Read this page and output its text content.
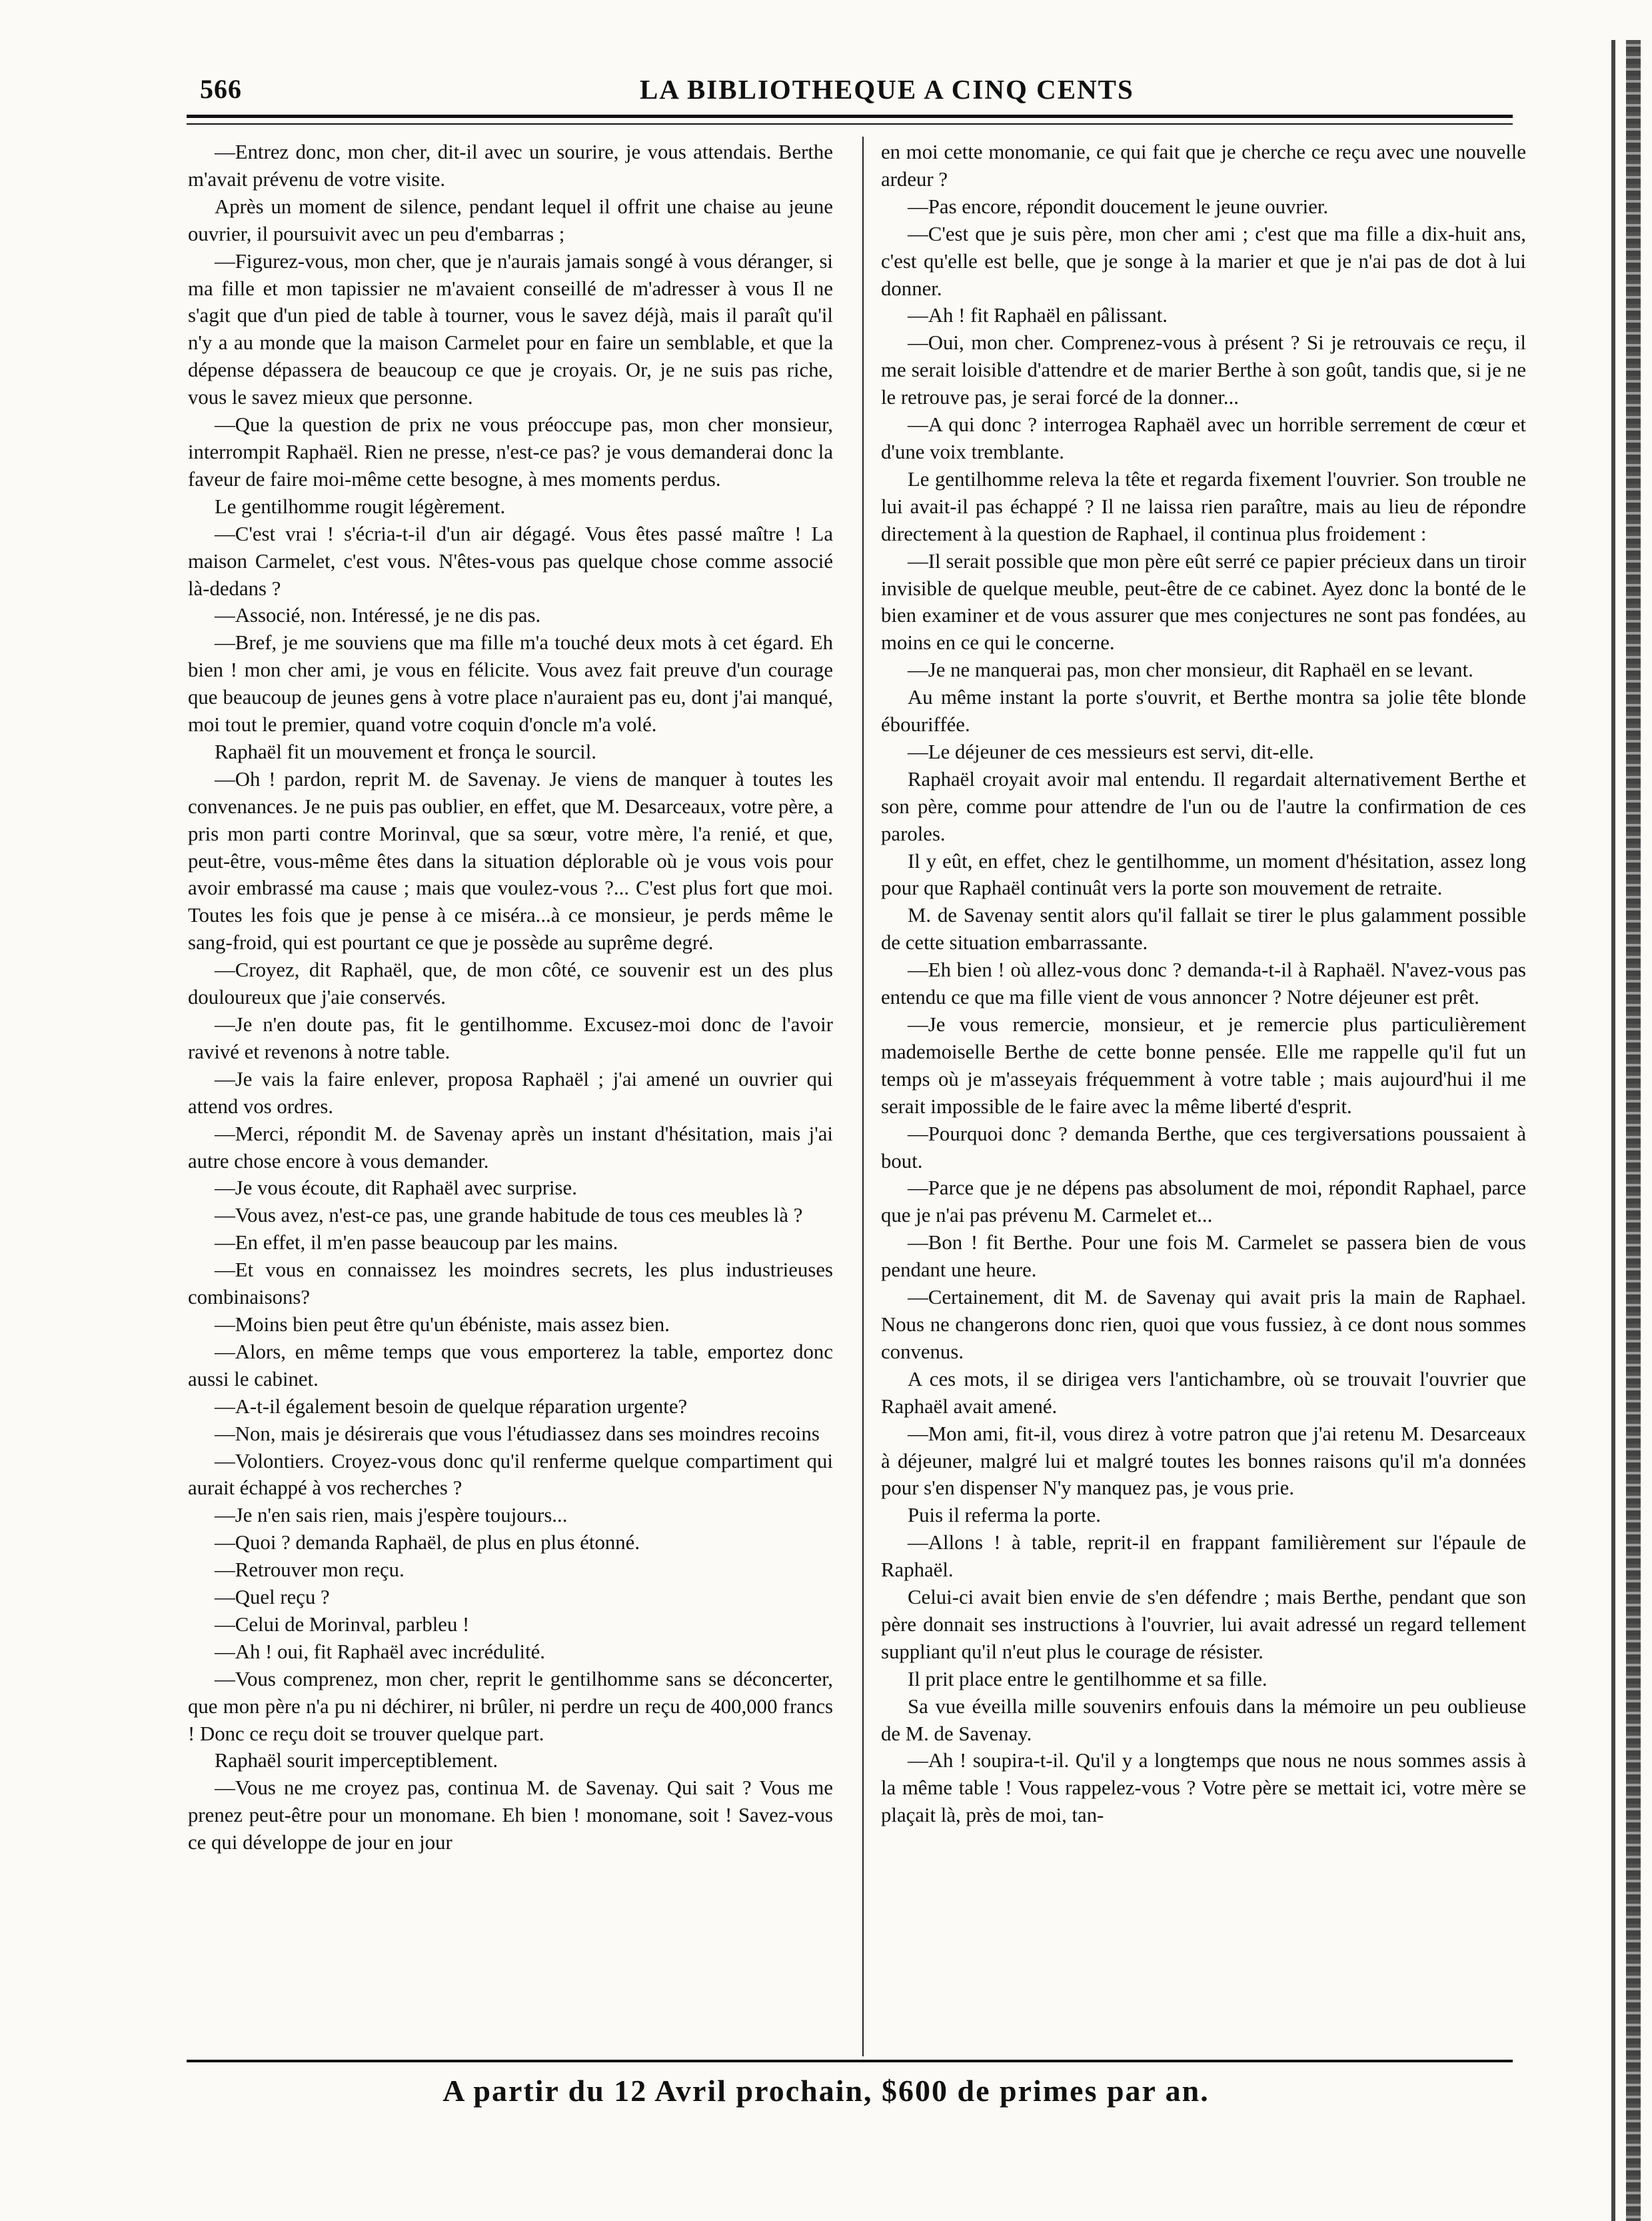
566	LA BIBLIOTHEQUE A CINQ CENTS

—Entrez donc, mon cher, dit-il avec un sourire, je vous attendais. Berthe m'avait prévenu de votre visite.

Après un moment de silence, pendant lequel il offrit une chaise au jeune ouvrier, il poursuivit avec un peu d'embarras ;

—Figurez-vous, mon cher, que je n'aurais jamais songé à vous déranger, si ma fille et mon tapissier ne m'avaient conseillé de m'adresser à vous Il ne s'agit que d'un pied de table à tourner, vous le savez déjà, mais il paraît qu'il n'y a au monde que la maison Carmelet pour en faire un semblable, et que la dépense dépassera de beaucoup ce que je croyais. Or, je ne suis pas riche, vous le savez mieux que personne.

—Que la question de prix ne vous préoccupe pas, mon cher monsieur, interrompit Raphaël. Rien ne presse, n'est-ce pas? je vous demanderai donc la faveur de faire moi-même cette besogne, à mes moments perdus.

Le gentilhomme rougit légèrement.

—C'est vrai ! s'écria-t-il d'un air dégagé. Vous êtes passé maître ! La maison Carmelet, c'est vous. N'êtes-vous pas quelque chose comme associé là-dedans ?

—Associé, non. Intéressé, je ne dis pas.

—Bref, je me souviens que ma fille m'a touché deux mots à cet égard. Eh bien ! mon cher ami, je vous en félicite. Vous avez fait preuve d'un courage que beaucoup de jeunes gens à votre place n'auraient pas eu, dont j'ai manqué, moi tout le premier, quand votre coquin d'oncle m'a volé.

Raphaël fit un mouvement et fronça le sourcil.

—Oh ! pardon, reprit M. de Savenay. Je viens de manquer à toutes les convenances. Je ne puis pas oublier, en effet, que M. Desarceaux, votre père, a pris mon parti contre Morinval, que sa sœur, votre mère, l'a renié, et que, peut-être, vous-même êtes dans la situation déplorable où je vous vois pour avoir embrassé ma cause ; mais que voulez-vous ?... C'est plus fort que moi. Toutes les fois que je pense à ce miséra...à ce monsieur, je perds même le sang-froid, qui est pourtant ce que je possède au suprême degré.

—Croyez, dit Raphaël, que, de mon côté, ce souvenir est un des plus douloureux que j'aie conservés.

—Je n'en doute pas, fit le gentilhomme. Excusez-moi donc de l'avoir ravivé et revenons à notre table.

—Je vais la faire enlever, proposa Raphaël ; j'ai amené un ouvrier qui attend vos ordres.

—Merci, répondit M. de Savenay après un instant d'hésitation, mais j'ai autre chose encore à vous demander.

—Je vous écoute, dit Raphaël avec surprise.

—Vous avez, n'est-ce pas, une grande habitude de tous ces meubles là ?

—En effet, il m'en passe beaucoup par les mains.

—Et vous en connaissez les moindres secrets, les plus industrieuses combinaisons?

—Moins bien peut être qu'un ébéniste, mais assez bien.

—Alors, en même temps que vous emporterez la table, emportez donc aussi le cabinet.

—A-t-il également besoin de quelque réparation urgente?

—Non, mais je désirerais que vous l'étudiassez dans ses moindres recoins

—Volontiers. Croyez-vous donc qu'il renferme quelque compartiment qui aurait échappé à vos recherches ?

—Je n'en sais rien, mais j'espère toujours...

—Quoi ? demanda Raphaël, de plus en plus étonné.

—Retrouver mon reçu.

—Quel reçu ?

—Celui de Morinval, parbleu !

—Ah ! oui, fit Raphaël avec incrédulité.

—Vous comprenez, mon cher, reprit le gentilhomme sans se déconcerter, que mon père n'a pu ni déchirer, ni brûler, ni perdre un reçu de 400,000 francs ! Donc ce reçu doit se trouver quelque part.

Raphaël sourit imperceptiblement.

—Vous ne me croyez pas, continua M. de Savenay. Qui sait ? Vous me prenez peut-être pour un monomane. Eh bien ! monomane, soit ! Savez-vous ce qui développe de jour en jour

en moi cette monomanie, ce qui fait que je cherche ce reçu avec une nouvelle ardeur ?

—Pas encore, répondit doucement le jeune ouvrier.

—C'est que je suis père, mon cher ami ; c'est que ma fille a dix-huit ans, c'est qu'elle est belle, que je songe à la marier et que je n'ai pas de dot à lui donner.

—Ah ! fit Raphaël en pâlissant.

—Oui, mon cher. Comprenez-vous à présent ? Si je retrouvais ce reçu, il me serait loisible d'attendre et de marier Berthe à son goût, tandis que, si je ne le retrouve pas, je serai forcé de la donner...

—A qui donc ? interrogea Raphaël avec un horrible serrement de cœur et d'une voix tremblante.

Le gentilhomme releva la tête et regarda fixement l'ouvrier. Son trouble ne lui avait-il pas échappé ? Il ne laissa rien paraître, mais au lieu de répondre directement à la question de Raphael, il continua plus froidement :

—Il serait possible que mon père eût serré ce papier précieux dans un tiroir invisible de quelque meuble, peut-être de ce cabinet. Ayez donc la bonté de le bien examiner et de vous assurer que mes conjectures ne sont pas fondées, au moins en ce qui le concerne.

—Je ne manquerai pas, mon cher monsieur, dit Raphaël en se levant.

Au même instant la porte s'ouvrit, et Berthe montra sa jolie tête blonde ébouriffée.

—Le déjeuner de ces messieurs est servi, dit-elle.

Raphaël croyait avoir mal entendu. Il regardait alternativement Berthe et son père, comme pour attendre de l'un ou de l'autre la confirmation de ces paroles.

Il y eût, en effet, chez le gentilhomme, un moment d'hésitation, assez long pour que Raphaël continuât vers la porte son mouvement de retraite.

M. de Savenay sentit alors qu'il fallait se tirer le plus galamment possible de cette situation embarrassante.

—Eh bien ! où allez-vous donc ? demanda-t-il à Raphaël. N'avez-vous pas entendu ce que ma fille vient de vous annoncer ? Notre déjeuner est prêt.

—Je vous remercie, monsieur, et je remercie plus particulièrement mademoiselle Berthe de cette bonne pensée. Elle me rappelle qu'il fut un temps où je m'asseyais fréquemment à votre table ; mais aujourd'hui il me serait impossible de le faire avec la même liberté d'esprit.

—Pourquoi donc ? demanda Berthe, que ces tergiversations poussaient à bout.

—Parce que je ne dépens pas absolument de moi, répondit Raphael, parce que je n'ai pas prévenu M. Carmelet et...

—Bon ! fit Berthe. Pour une fois M. Carmelet se passera bien de vous pendant une heure.

—Certainement, dit M. de Savenay qui avait pris la main de Raphael. Nous ne changerons donc rien, quoi que vous fussiez, à ce dont nous sommes convenus.

A ces mots, il se dirigea vers l'antichambre, où se trouvait l'ouvrier que Raphaël avait amené.

—Mon ami, fit-il, vous direz à votre patron que j'ai retenu M. Desarceaux à déjeuner, malgré lui et malgré toutes les bonnes raisons qu'il m'a données pour s'en dispenser N'y manquez pas, je vous prie.

Puis il referma la porte.

—Allons ! à table, reprit-il en frappant familièrement sur l'épaule de Raphaël.

Celui-ci avait bien envie de s'en défendre ; mais Berthe, pendant que son père donnait ses instructions à l'ouvrier, lui avait adressé un regard tellement suppliant qu'il n'eut plus le courage de résister.

Il prit place entre le gentilhomme et sa fille.

Sa vue éveilla mille souvenirs enfouis dans la mémoire un peu oublieuse de M. de Savenay.

—Ah ! soupira-t-il. Qu'il y a longtemps que nous ne nous sommes assis à la même table ! Vous rappelez-vous ? Votre père se mettait ici, votre mère se plaçait là, près de moi, tan-

A partir du 12 Avril prochain, $600 de primes par an.
